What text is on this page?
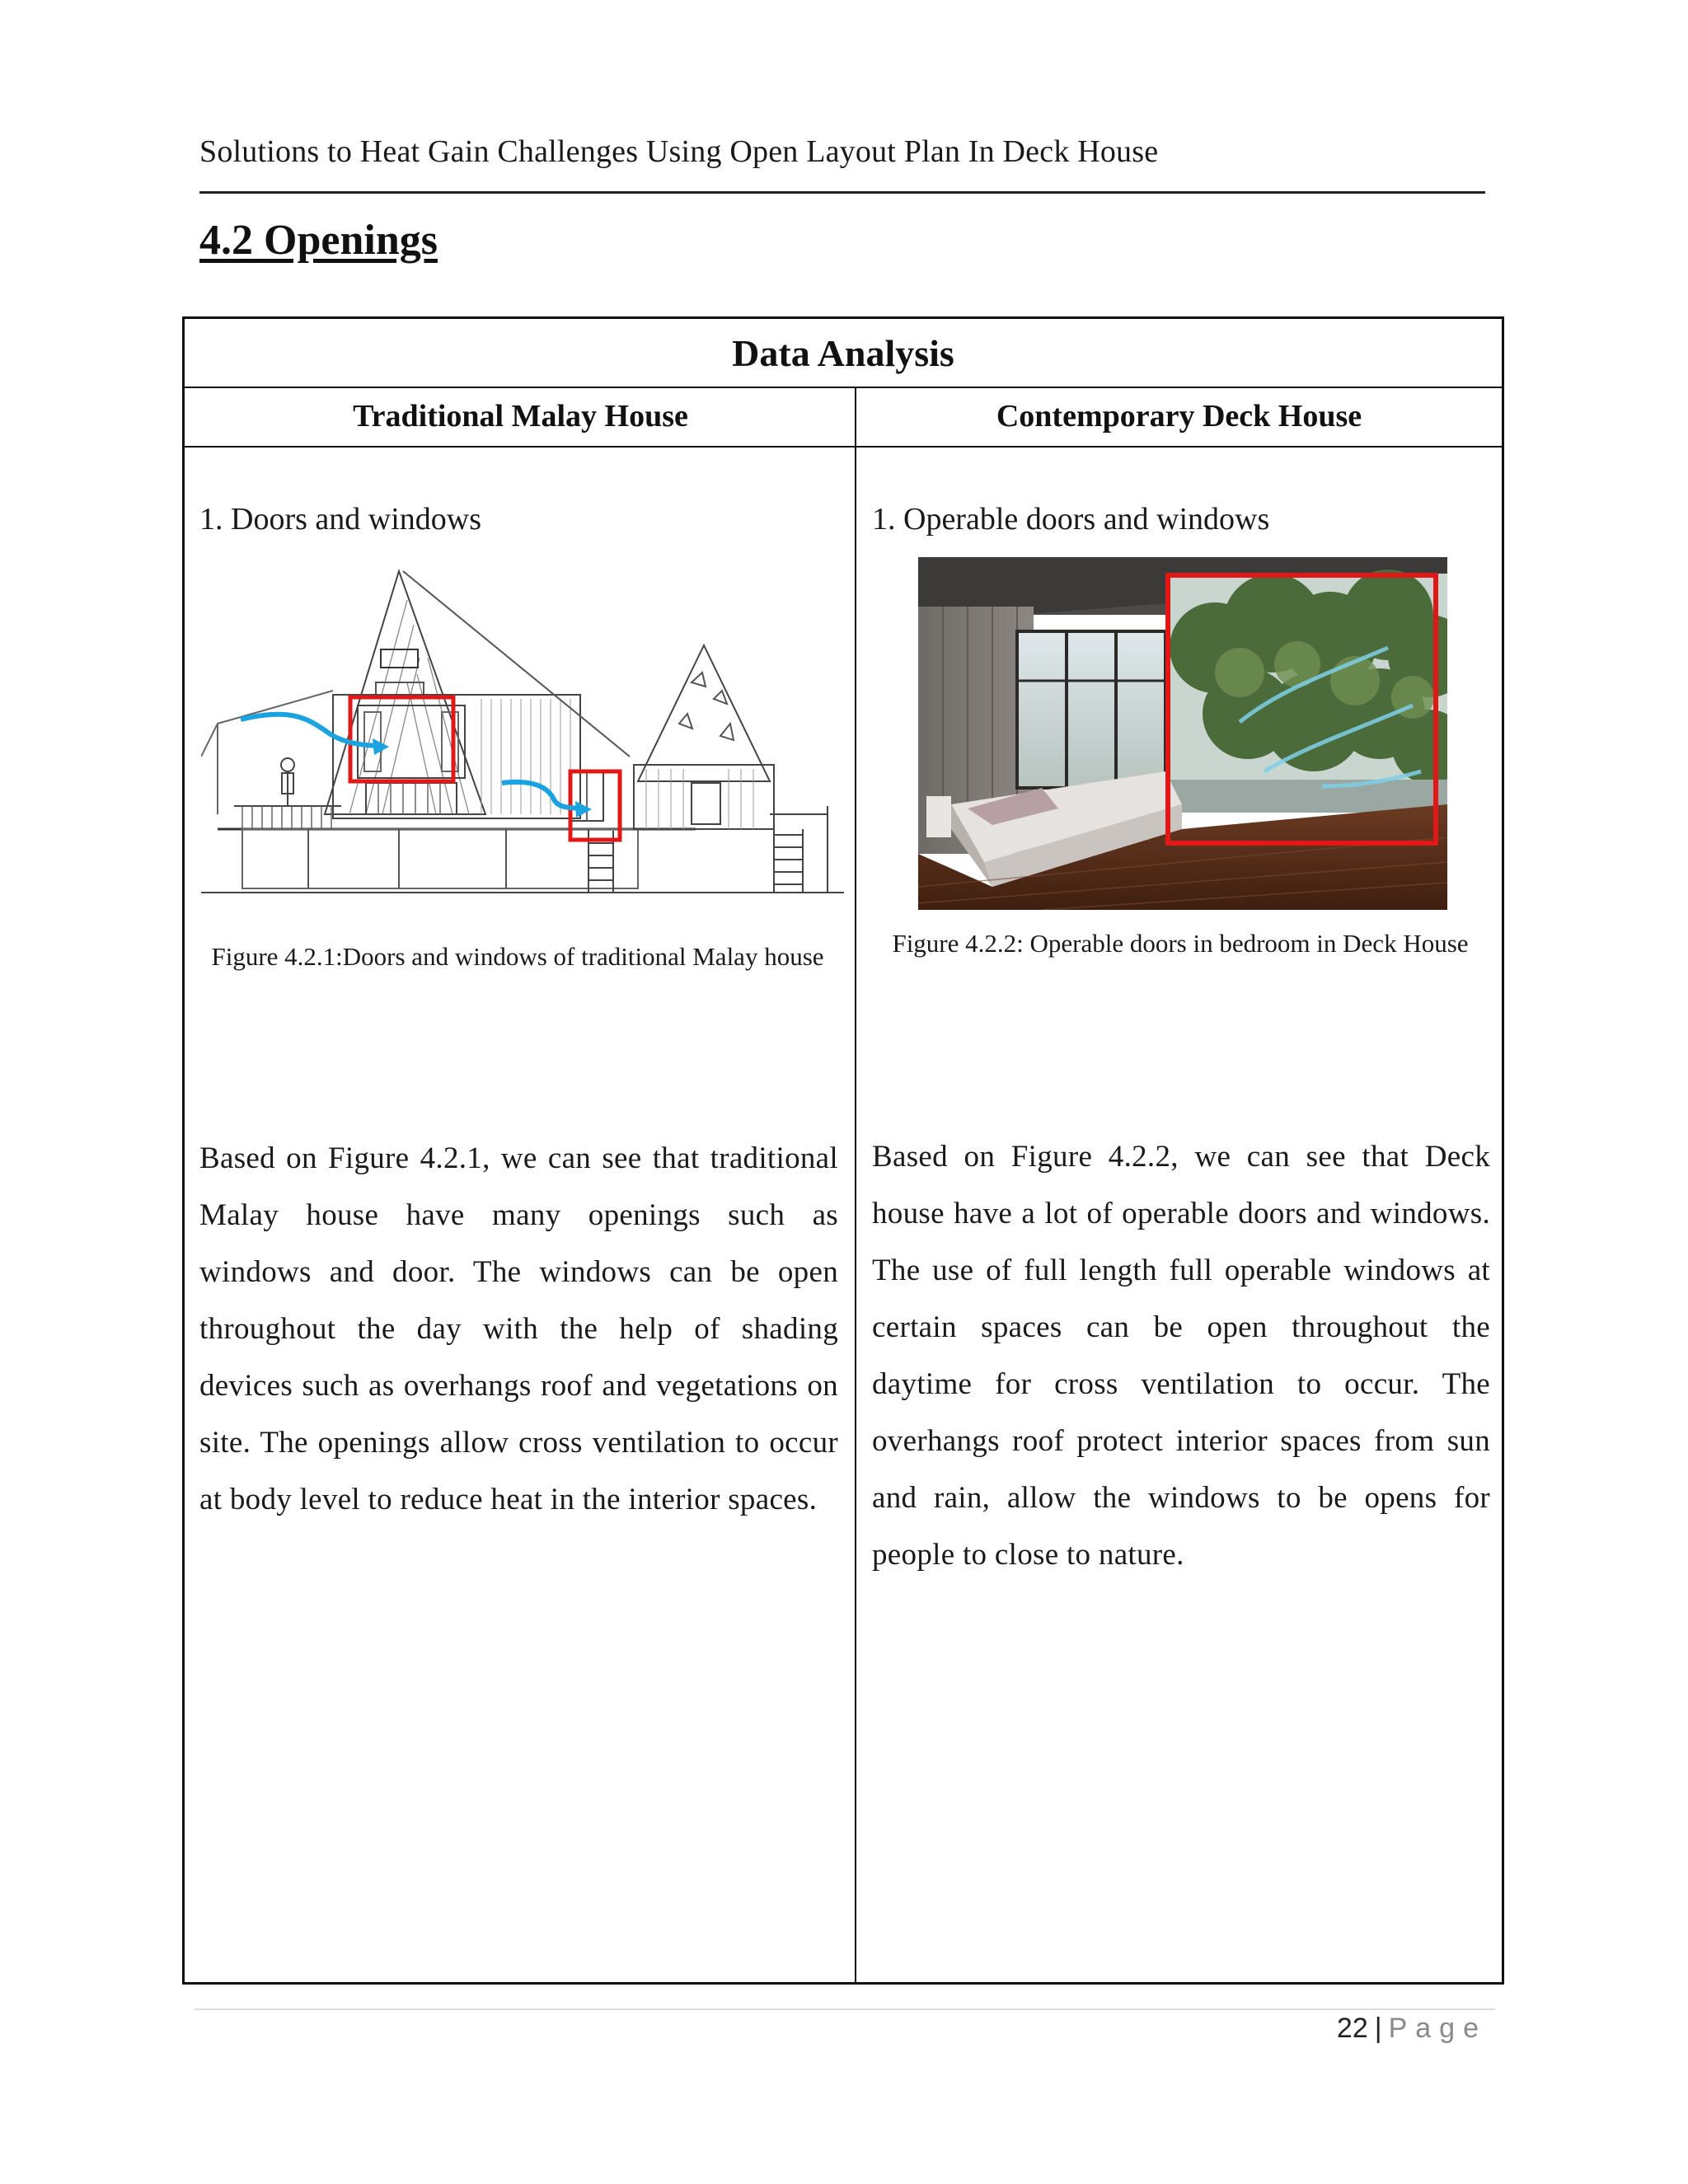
Solutions to Heat Gain Challenges Using Open Layout Plan In Deck House
4.2 Openings
Data Analysis
Traditional Malay House	Contemporary Deck House
1. Doors and windows
Figure 4.2.1:Doors and windows of traditional Malay house
Based on Figure 4.2.1, we can see that traditional Malay house have many openings such as windows and door. The windows can be open throughout the day with the help of shading devices such as overhangs roof and vegetations on site. The openings allow cross ventilation to occur at body level to reduce heat in the interior spaces.
1. Operable doors and windows
Figure 4.2.2: Operable doors in bedroom in Deck House
Based on Figure 4.2.2, we can see that Deck house have a lot of operable doors and windows. The use of full length full operable windows at certain spaces can be open throughout the daytime for cross ventilation to occur. The overhangs roof protect interior spaces from sun and rain, allow the windows to be opens for people to close to nature.
22 | Page
